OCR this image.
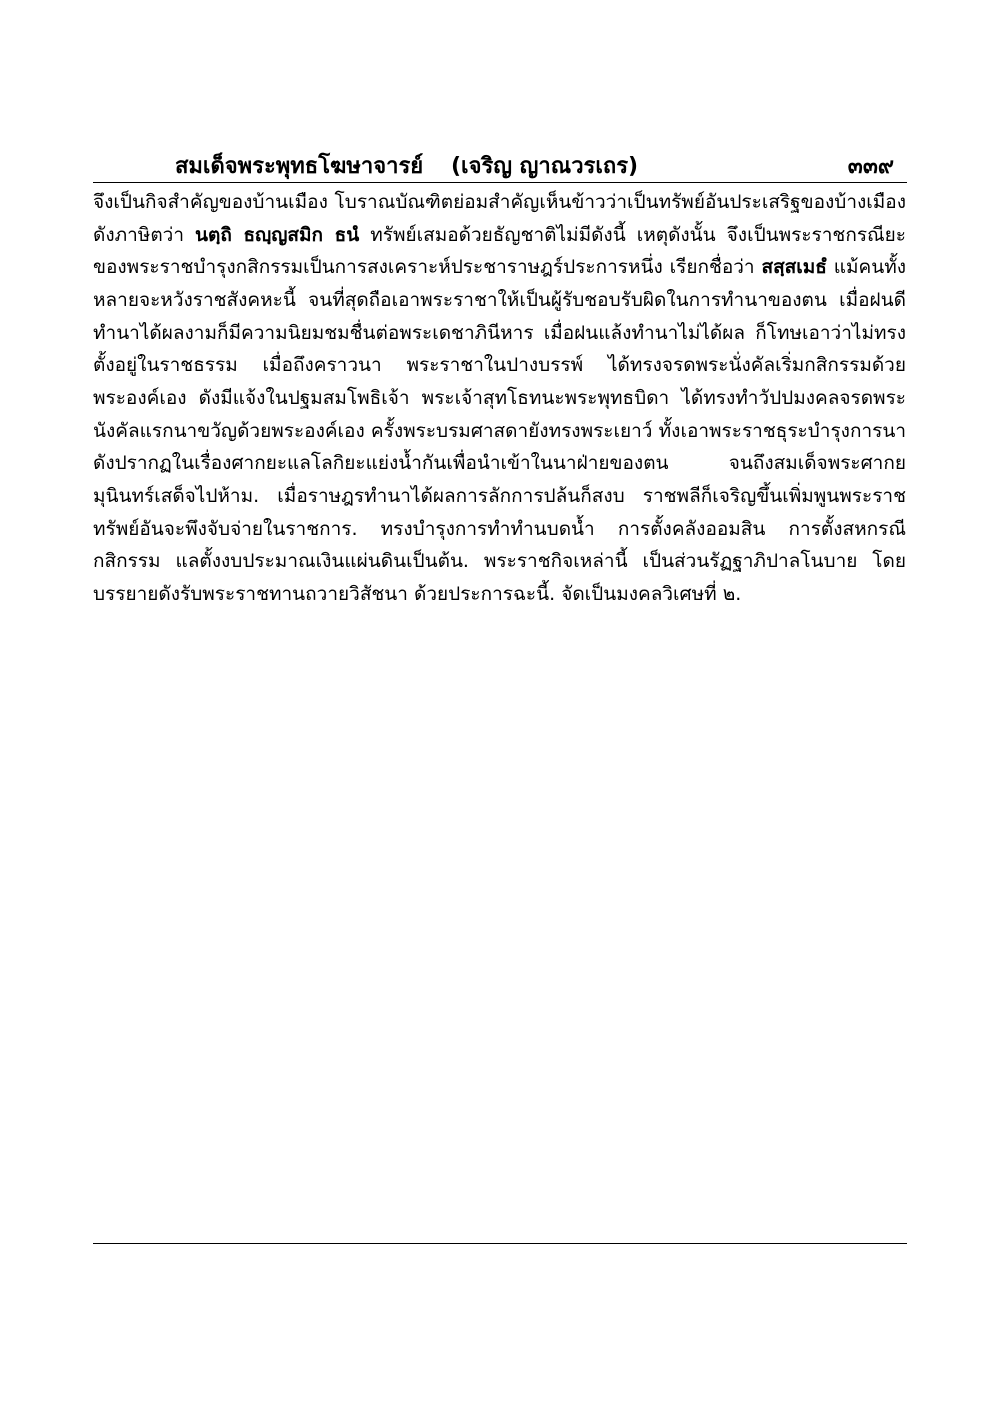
สมเด็จพระพุทธโฆษาจารย์ (เจริญ ญาณวรเถร)	๓๓๙

จึงเป็นกิจสำคัญของบ้านเมือง โบราณบัณฑิตย่อมสำคัญเห็นข้าวว่าเป็นทรัพย์อันประเสริฐของบ้างเมือง ดังภาษิตว่า นตฺถิ ธญฺญสมิก ธนํ ทรัพย์เสมอด้วยธัญชาติไม่มีดังนี้ เหตุดังนั้น จึงเป็นพระราชกรณียะของพระราชบำรุงกสิกรรมเป็นการสงเคราะห์ประชาราษฎร์ประการหนึ่ง เรียกชื่อว่า สสฺสเมธํ แม้คนทั้งหลายจะหวังราชสังคหะนี้ จนที่สุดถือเอาพระราชาให้เป็นผู้รับชอบรับผิดในการทำนาของตน เมื่อฝนดีทำนาได้ผลงามก็มีความนิยมชมชื่นต่อพระเดชาภินีหาร เมื่อฝนแล้งทำนาไม่ได้ผล ก็โทษเอาว่าไม่ทรงตั้งอยู่ในราชธรรม เมื่อถึงคราวนา พระราชาในปางบรรพ์ ได้ทรงจรดพระนั่งคัลเริ่มกสิกรรมด้วยพระองค์เอง ดังมีแจ้งในปฐมสมโพธิเจ้า พระเจ้าสุทโธทนะพระพุทธบิดา ได้ทรงทำวัปปมงคลจรดพระนังคัลแรกนาขวัญด้วยพระองค์เอง ครั้งพระบรมศาสดายังทรงพระเยาว์ ทั้งเอาพระราชธุระบำรุงการนา ดังปรากฏในเรื่องศากยะแลโลกิยะแย่งน้ำกันเพื่อนำเข้าในนาฝ่ายของตน จนถึงสมเด็จพระศากยมุนินทร์เสด็จไปห้าม. เมื่อราษฎรทำนาได้ผลการลักการปล้นก็สงบ ราชพลีก็เจริญขึ้นเพิ่มพูนพระราชทรัพย์อันจะพึงจับจ่ายในราชการ. ทรงบำรุงการทำทำนบดน้ำ การตั้งคลังออมสิน การตั้งสหกรณีกสิกรรม แลตั้งงบประมาณเงินแผ่นดินเป็นต้น. พระราชกิจเหล่านี้ เป็นส่วนรัฏฐาภิปาลโนบาย โดยบรรยายดังรับพระราชทานถวายวิสัชนา ด้วยประการฉะนี้. จัดเป็นมงคลวิเศษที่ ๒.
